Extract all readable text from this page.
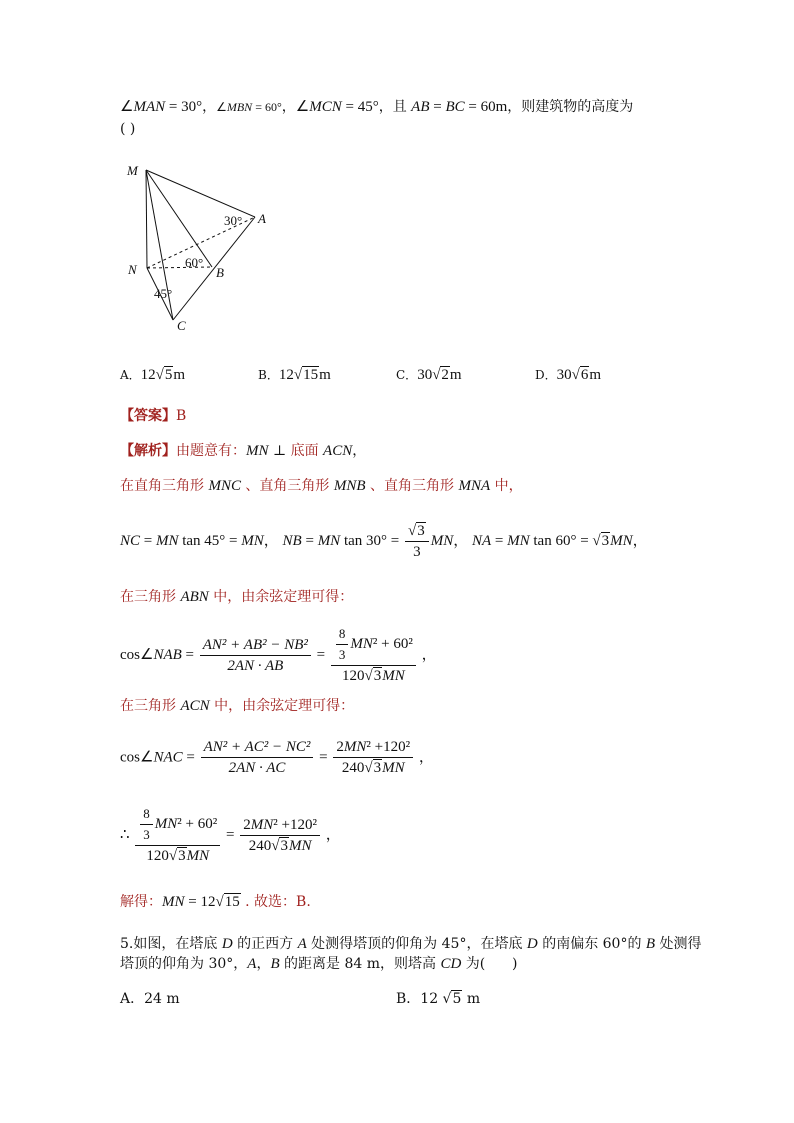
∠MAN = 30°，∠MBN = 60°，∠MCN = 45°，且 AB = BC = 60m，则建筑物的高度为
( )
M
A
N	B
C
30°
60°
45°
A．12√5m	B．12√15m	C．30√2m	D．30√6m
【答案】B
【解析】由题意有：MN ⊥ 底面 ACN，
在直角三角形 MNC 、直角三角形 MNB 、直角三角形 MNA 中，
NC = MN tan 45° = MN， NB = MN $\tan 30^\circ = \frac{√3}{3}$ MN， NA = MN tan 60° = √3MN，
在三角形 ABN 中，由余弦定理可得：
cos∠NAB = $\frac{\text{AN² + AB² − NB²}}{2AN \cdot AB} = \frac{\frac{8}{3} MN^2 + 60^2}{120√3MN}$ ，
在三角形 ACN 中，由余弦定理可得：
cos∠NAC = $\frac{\text{AN² + AC² − NC²}}{2AN \cdot AC} = \frac{\text{2MN² +120²}}{240√3MN}$ ，
∴ $\frac{\frac{8}{3} MN^2 + 60^2}{120√3MN} = \frac{\text{2MN² +120²}}{240√3MN}$ ，
解得：MN = 12√15 . 故选：B.
5.如图，在塔底 D 的正西方 A 处测得塔顶的仰角为 45°，在塔底 D 的南偏东 60°的 B 处测得
塔顶的仰角为 30°，A，B 的距离是 84 m，则塔高 CD 为(      )
A．24 m	B．12 √5 m
